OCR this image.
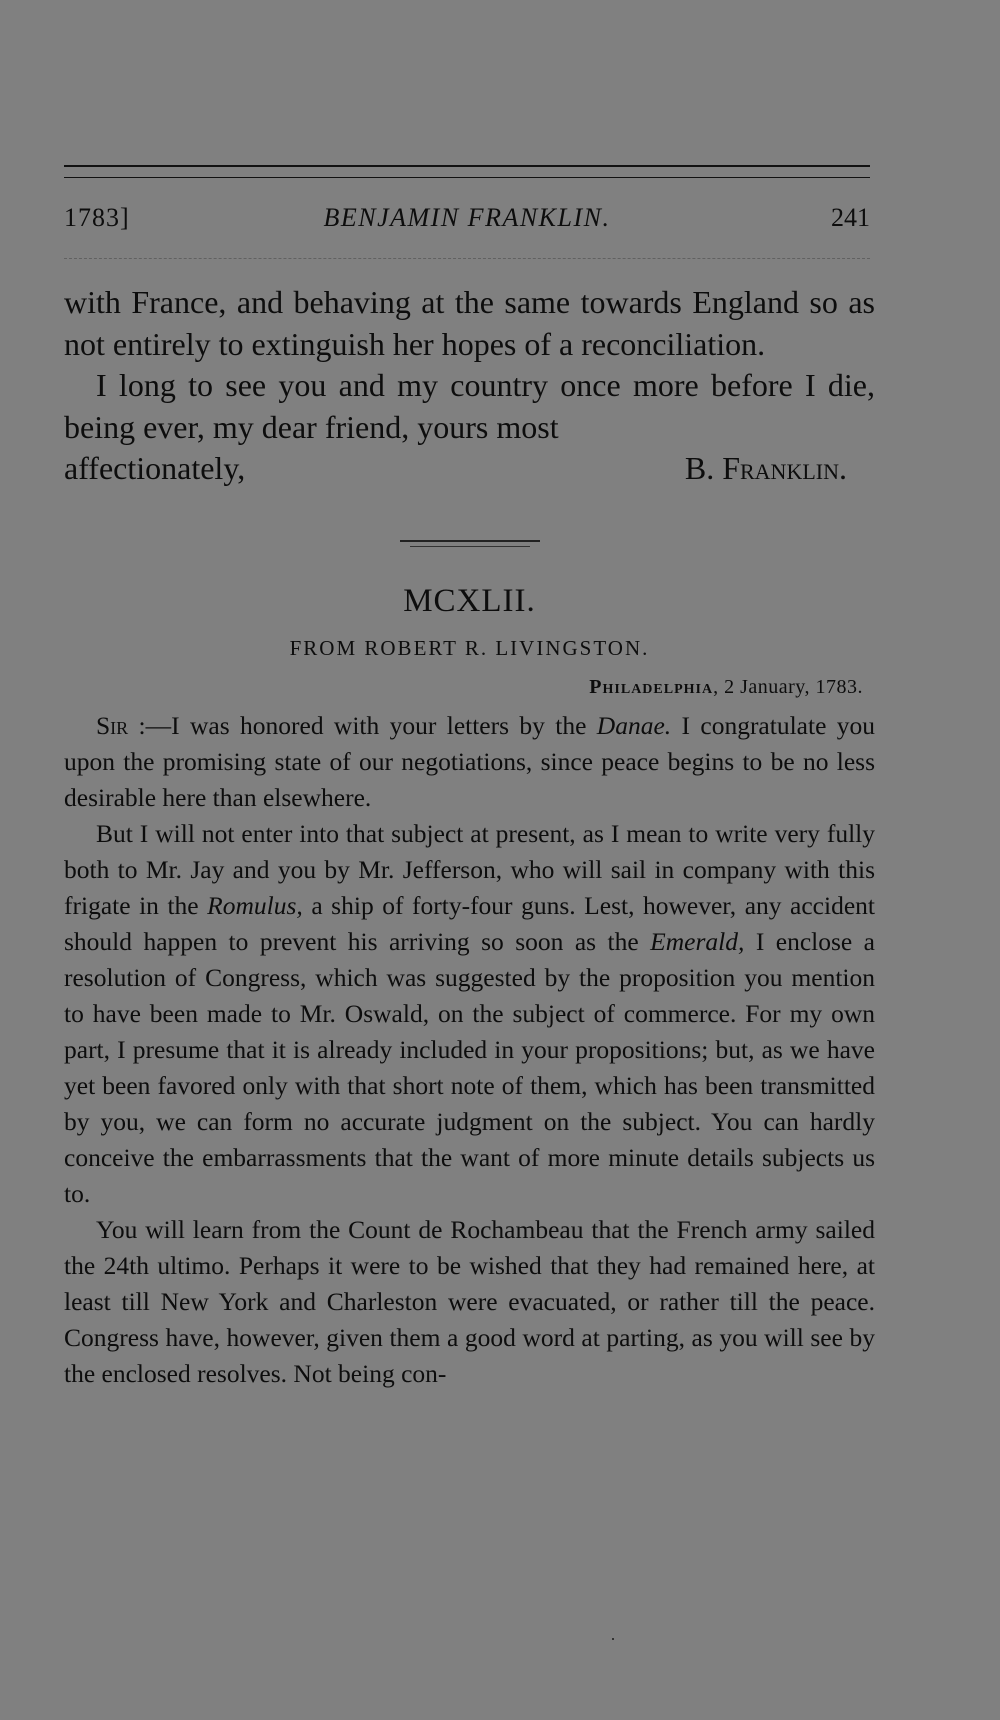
1783]	BENJAMIN FRANKLIN.	241

with France, and behaving at the same towards England so as not entirely to extinguish her hopes of a reconciliation.

I long to see you and my country once more before I die, being ever, my dear friend, yours most

affectionately,	B. Franklin.

MCXLII.
FROM ROBERT R. LIVINGSTON.
Philadelphia, 2 January, 1783.

Sir :—I was honored with your letters by the Danae. I congratulate you upon the promising state of our negotiations, since peace begins to be no less desirable here than elsewhere.

But I will not enter into that subject at present, as I mean to write very fully both to Mr. Jay and you by Mr. Jefferson, who will sail in company with this frigate in the Romulus, a ship of forty-four guns. Lest, however, any accident should happen to prevent his arriving so soon as the Emerald, I enclose a resolution of Congress, which was suggested by the proposition you mention to have been made to Mr. Oswald, on the subject of commerce. For my own part, I presume that it is already included in your propositions; but, as we have yet been favored only with that short note of them, which has been transmitted by you, we can form no accurate judgment on the subject. You can hardly conceive the embarrassments that the want of more minute details subjects us to.

You will learn from the Count de Rochambeau that the French army sailed the 24th ultimo. Perhaps it were to be wished that they had remained here, at least till New York and Charleston were evacuated, or rather till the peace. Congress have, however, given them a good word at parting, as you will see by the enclosed resolves. Not being con-
